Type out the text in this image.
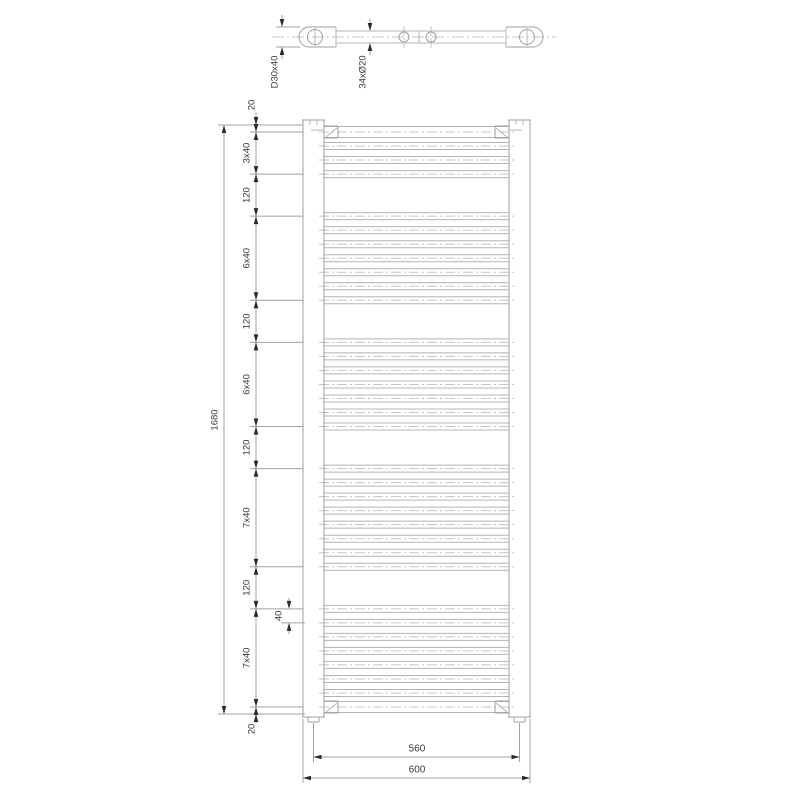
D30x40	34xØ20
1680
20
3x40
120
6x40
120
6x40
120
7x40
120
7x40
20
40
560
600
